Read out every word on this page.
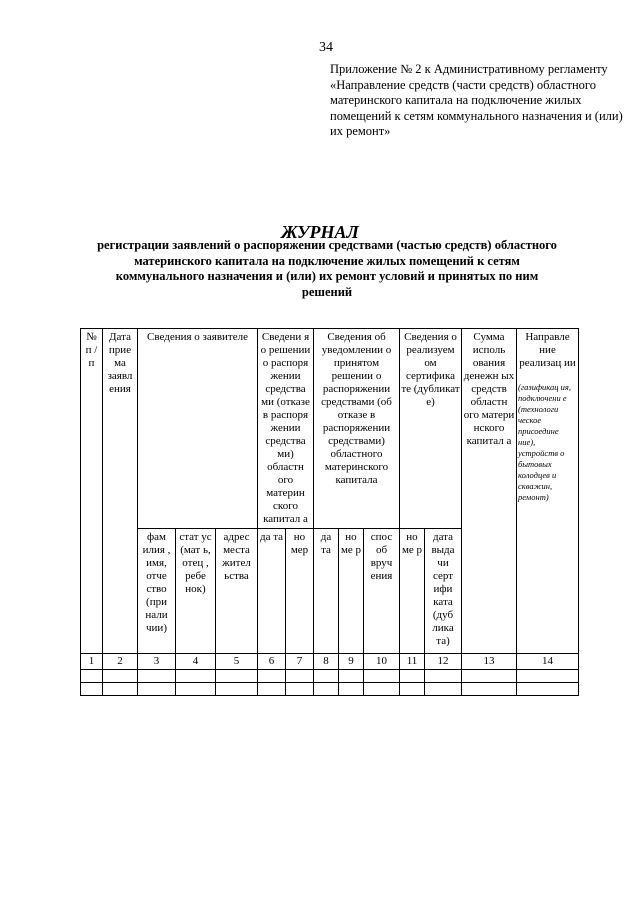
34
Приложение № 2 к Административному регламенту «Направление средств (части средств) областного материнского капитала на подключение жилых помещений к сетям коммунального назначения и (или) их ремонт»
ЖУРНАЛ
регистрации заявлений о распоряжении средствами (частью средств) областного материнского капитала на подключение жилых помещений к сетям коммунального назначения и (или) их ремонт условий и принятых по ним решений
№ п / п	Дата прие ма заявл ения	Сведения о заявителе			Сведени я о решении о распоря жении средства ми (отказе в распоря жении средства ми) областн ого материн ского капитал а		Сведения об уведомлении о принятом решении о распоряжении средствами (об отказе в распоряжении средствами) областного материнского капитала			Сведения о реализуем ом сертифика те (дубликат е)		Сумма исполь ования денежн ых средств областн ого матери нского капитал а	Направле ние реализац ии
(газификац ия, подключени е (технологи ческое присоедине ние), устройств о бытовых колодцев и скважин, ремонт)

		фам илия , имя, отче ство (при нали чии)	стат ус (мат ь, отец , ребе нок)	адрес места жител ьства	да та	но мер	да та	но ме р	спос об вруч ения	но ме р	дата выда чи серт ифи ката (дуб лика та)		
1	2	3	4	5	6	7	8	9	10	11	12	13	14
